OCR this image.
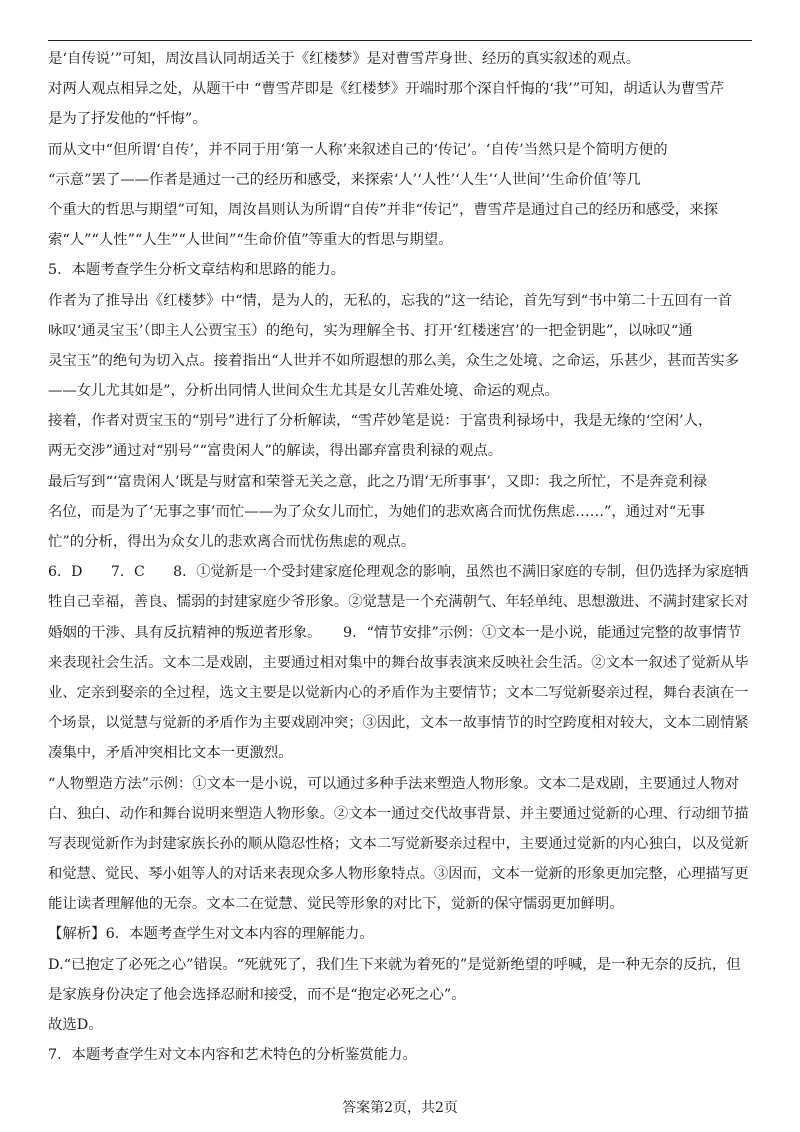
是‘自传说’”可知，周汝昌认同胡适关于《红楼梦》是对曹雪芹身世、经历的真实叙述的观点。
对两人观点相异之处，从题干中 “曹雪芹即是《红楼梦》开端时那个深自忏悔的‘我’”可知，胡适认为曹雪芹
是为了抒发他的“忏悔”。
而从文中“但所谓‘自传’，并不同于用‘第一人称’来叙述自己的‘传记’。‘自传’当然只是个简明方便的
“示意”罢了——作者是通过一己的经历和感受，来探索‘人’‘人性’‘人生’‘人世间’‘生命价值’等几
个重大的哲思与期望”可知，周汝昌则认为所谓“自传”并非“传记”，曹雪芹是通过自己的经历和感受，来探
索“人”“人性”“人生”“人世间”“生命价值”等重大的哲思与期望。
5．本题考查学生分析文章结构和思路的能力。
作者为了推导出《红楼梦》中“情，是为人的，无私的，忘我的”这一结论，首先写到“书中第二十五回有一首
咏叹‘通灵宝玉’（即主人公贾宝玉）的绝句，实为理解全书、打开‘红楼迷宫’的一把金钥匙”，以咏叹“通
灵宝玉”的绝句为切入点。接着指出“人世并不如所遐想的那么美，众生之处境、之命运，乐甚少，甚而苦实多
——女儿尤其如是”，分析出同情人世间众生尤其是女儿苦难处境、命运的观点。
接着，作者对贾宝玉的“别号”进行了分析解读，“雪芹妙笔是说：于富贵利禄场中，我是无缘的‘空闲’人，
两无交涉”通过对“别号”“富贵闲人”的解读，得出鄙弃富贵利禄的观点。
最后写到“‘富贵闲人’既是与财富和荣誉无关之意，此之乃谓‘无所事事’，又即：我之所忙，不是奔竞利禄
名位，而是为了‘无事之事’而忙——为了众女儿而忙，为她们的悲欢离合而忧伤焦虑……”，通过对“无事
忙”的分析，得出为众女儿的悲欢离合而忧伤焦虑的观点。
6．D　　7．C　　8．①觉新是一个受封建家庭伦理观念的影响，虽然也不满旧家庭的专制，但仍选择为家庭牺
牲自己幸福，善良、懦弱的封建家庭少爷形象。②觉慧是一个充满朝气、年轻单纯、思想激进、不满封建家长对
婚姻的干涉、具有反抗精神的叛逆者形象。　　9．“情节安排”示例：①文本一是小说，能通过完整的故事情节
来表现社会生活。文本二是戏剧，主要通过相对集中的舞台故事表演来反映社会生活。②文本一叙述了觉新从毕
业、定亲到娶亲的全过程，选文主要是以觉新内心的矛盾作为主要情节；文本二写觉新娶亲过程，舞台表演在一
个场景，以觉慧与觉新的矛盾作为主要戏剧冲突；③因此，文本一故事情节的时空跨度相对较大，文本二剧情紧
凑集中，矛盾冲突相比文本一更激烈。
“人物塑造方法”示例：①文本一是小说，可以通过多种手法来塑造人物形象。文本二是戏剧，主要通过人物对
白、独白、动作和舞台说明来塑造人物形象。②文本一通过交代故事背景、并主要通过觉新的心理、行动细节描
写表现觉新作为封建家族长孙的顺从隐忍性格；文本二写觉新娶亲过程中，主要通过觉新的内心独白，以及觉新
和觉慧、觉民、琴小姐等人的对话来表现众多人物形象特点。③因而，文本一觉新的形象更加完整，心理描写更
能让读者理解他的无奈。文本二在觉慧、觉民等形象的对比下，觉新的保守懦弱更加鲜明。
【解析】6．本题考查学生对文本内容的理解能力。
D.“已抱定了必死之心”错误。“死就死了，我们生下来就为着死的”是觉新绝望的呼喊，是一种无奈的反抗，但
是家族身份决定了他会选择忍耐和接受，而不是“抱定必死之心”。
故选D。
7．本题考查学生对文本内容和艺术特色的分析鉴赏能力。
答案第2页，共2页
